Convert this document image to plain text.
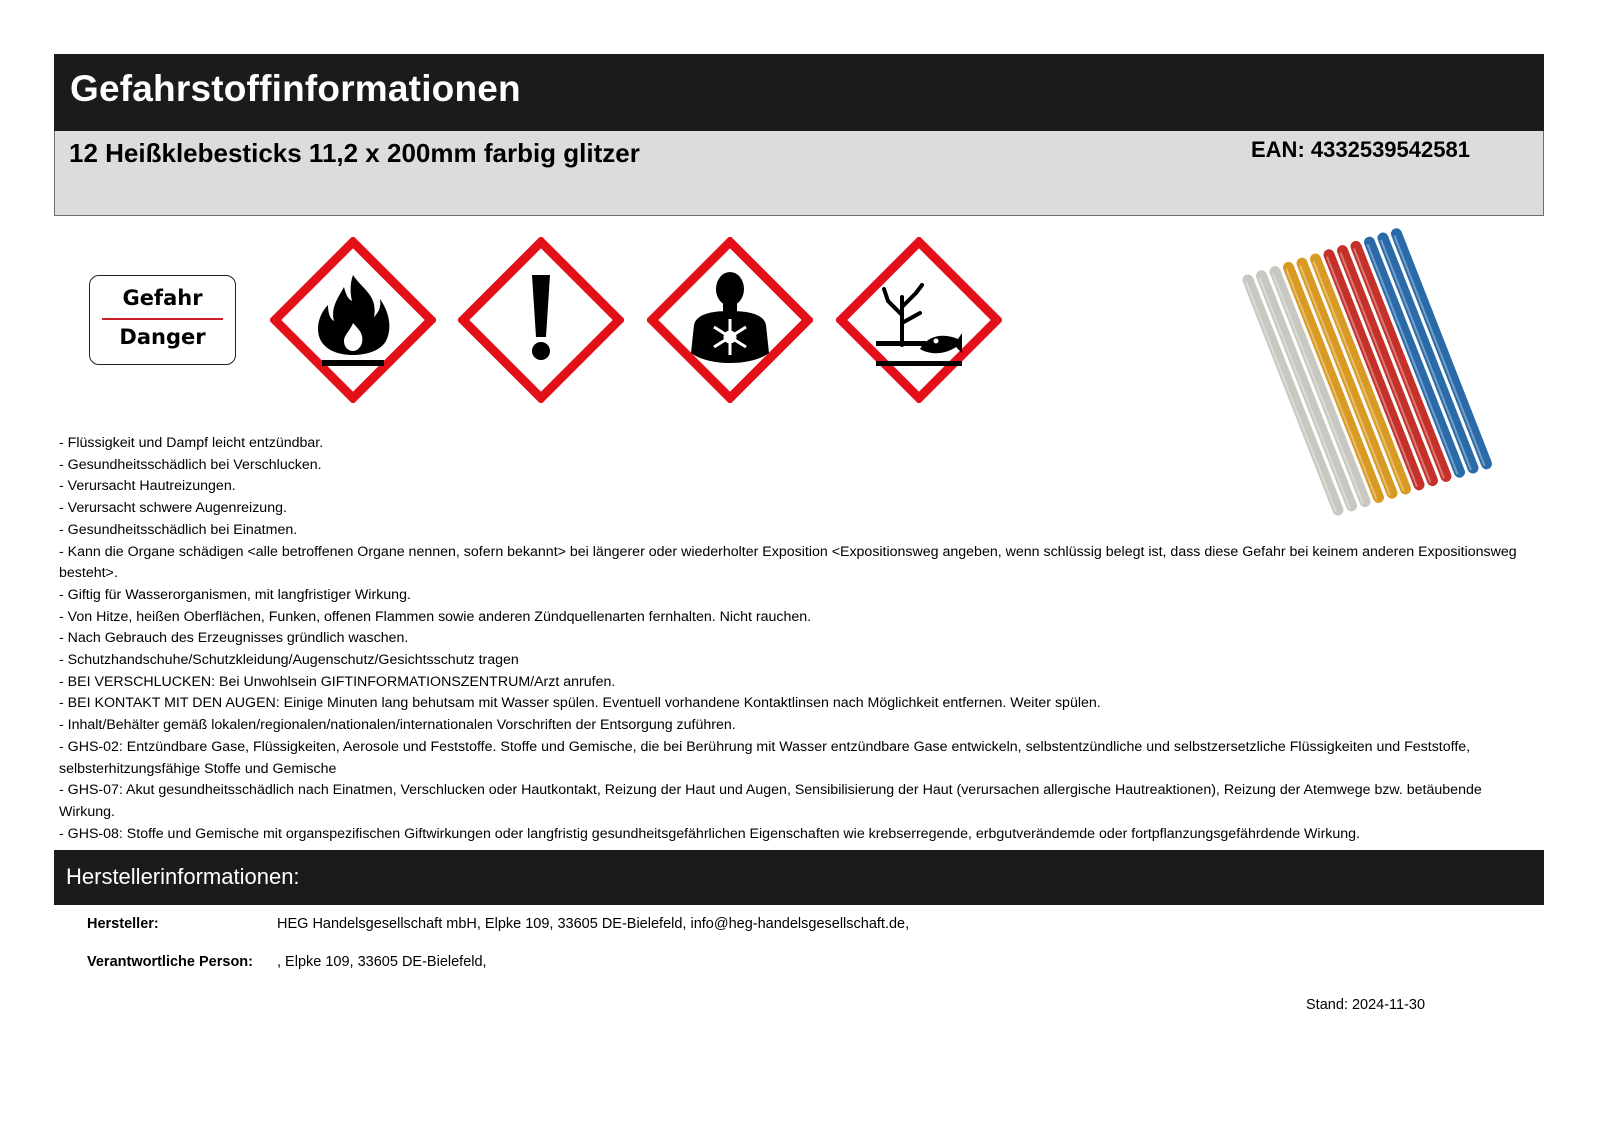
Gefahrstoffinformationen
12 Heißklebesticks 11,2 x 200mm farbig glitzer	EAN: 4332539542581
Gefahr
Danger
- Flüssigkeit und Dampf leicht entzündbar.
- Gesundheitsschädlich bei Verschlucken.
- Verursacht Hautreizungen.
- Verursacht schwere Augenreizung.
- Gesundheitsschädlich bei Einatmen.
- Kann die Organe schädigen <alle betroffenen Organe nennen, sofern bekannt> bei längerer oder wiederholter Exposition <Expositionsweg angeben, wenn schlüssig belegt ist, dass diese Gefahr bei keinem anderen Expositionsweg besteht>.
- Giftig für Wasserorganismen, mit langfristiger Wirkung.
- Von Hitze, heißen Oberflächen, Funken, offenen Flammen sowie anderen Zündquellenarten fernhalten. Nicht rauchen.
- Nach Gebrauch des Erzeugnisses gründlich waschen.
- Schutzhandschuhe/Schutzkleidung/Augenschutz/Gesichtsschutz tragen
- BEI VERSCHLUCKEN: Bei Unwohlsein GIFTINFORMATIONSZENTRUM/Arzt anrufen.
- BEI KONTAKT MIT DEN AUGEN: Einige Minuten lang behutsam mit Wasser spülen. Eventuell vorhandene Kontaktlinsen nach Möglichkeit entfernen. Weiter spülen.
- Inhalt/Behälter gemäß lokalen/regionalen/nationalen/internationalen Vorschriften der Entsorgung zuführen.
- GHS-02: Entzündbare Gase, Flüssigkeiten, Aerosole und Feststoffe. Stoffe und Gemische, die bei Berührung mit Wasser entzündbare Gase entwickeln, selbstentzündliche und selbstzersetzliche Flüssigkeiten und Feststoffe, selbsterhitzungsfähige Stoffe und Gemische
- GHS-07: Akut gesundheitsschädlich nach Einatmen, Verschlucken oder Hautkontakt, Reizung der Haut und Augen, Sensibilisierung der Haut (verursachen allergische Hautreaktionen), Reizung der Atemwege bzw. betäubende Wirkung.
- GHS-08: Stoffe und Gemische mit organspezifischen Giftwirkungen oder langfristig gesundheitsgefährlichen Eigenschaften wie krebserregende, erbgutverändemde oder fortpflanzungsgefährdende Wirkung.
Herstellerinformationen:
Hersteller:	HEG Handelsgesellschaft mbH, Elpke 109, 33605 DE-Bielefeld, info@heg-handelsgesellschaft.de,
Verantwortliche Person: , Elpke 109, 33605 DE-Bielefeld,
Stand: 2024-11-30
